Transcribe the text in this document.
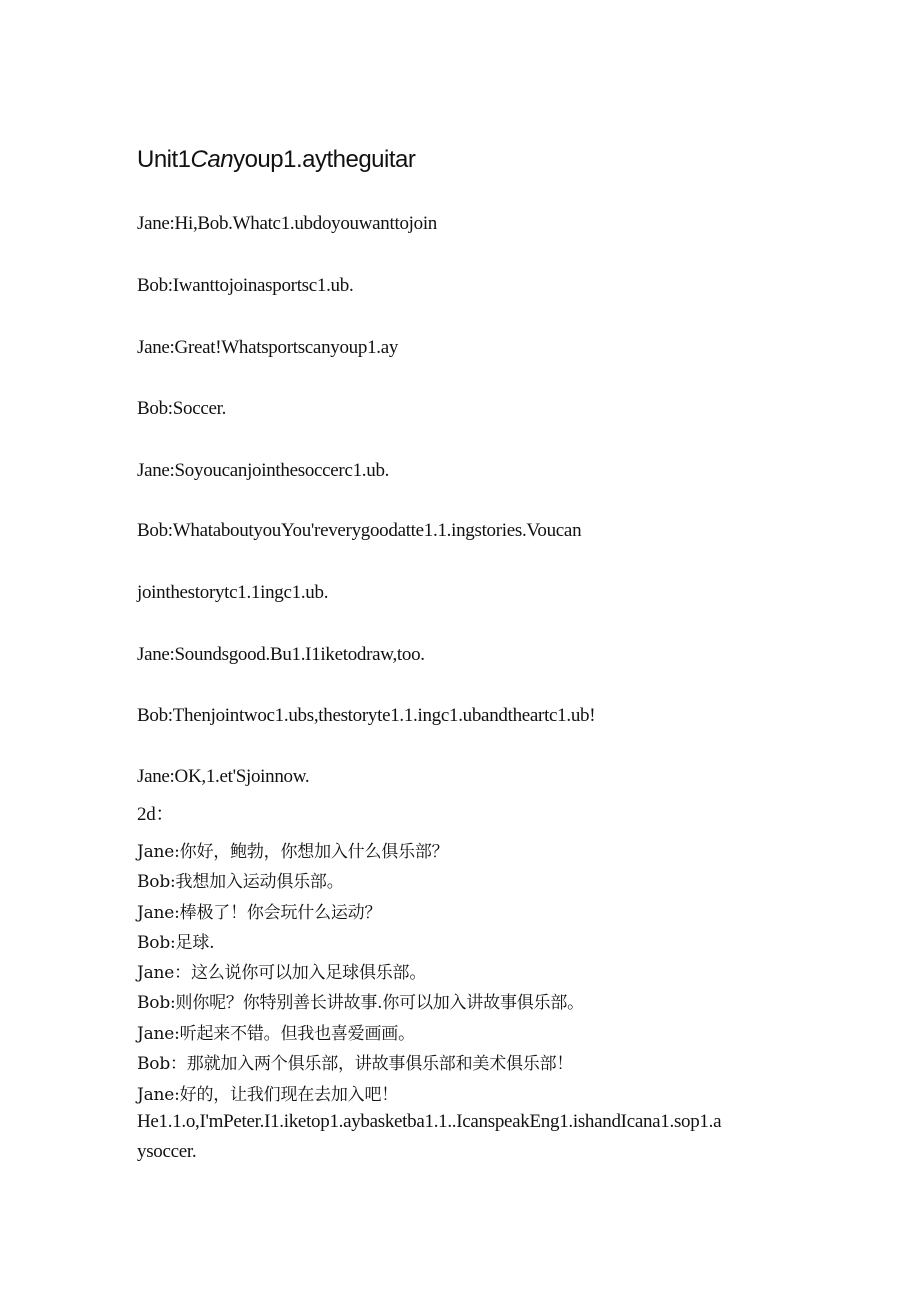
Unit1Canyoup1.aytheguitar
Jane:Hi,Bob.Whatc1.ubdoyouwanttojoin
Bob:Iwanttojoinasportsc1.ub.
Jane:Great!Whatsportscanyoup1.ay
Bob:Soccer.
Jane:Soyoucanjointhesoccerc1.ub.
Bob:WhataboutyouYou'reverygoodatte1.1.ingstories.Voucan
jointhestorytc1.1ingc1.ub.
Jane:Soundsgood.Bu1.I1iketodraw,too.
Bob:Thenjointwoc1.ubs,thestoryte1.1.ingc1.ubandtheartc1.ub!
Jane:OK,1.et'Sjoinnow.
2d：
Jane:你好，鲍勃，你想加入什么俱乐部？
Bob:我想加入运动俱乐部。
Jane:棒极了！你会玩什么运动？
Bob:足球.
Jane：这么说你可以加入足球俱乐部。
Bob:则你呢？你特别善长讲故事.你可以加入讲故事俱乐部。
Jane:听起来不错。但我也喜爱画画。
Bob：那就加入两个俱乐部，讲故事俱乐部和美术俱乐部！
Jane:好的，让我们现在去加入吧！
He1.1.o,I'mPeter.I1.iketop1.aybasketba1.1..IcanspeakEng1.ishandIcana1.sop1.a
ysoccer.
